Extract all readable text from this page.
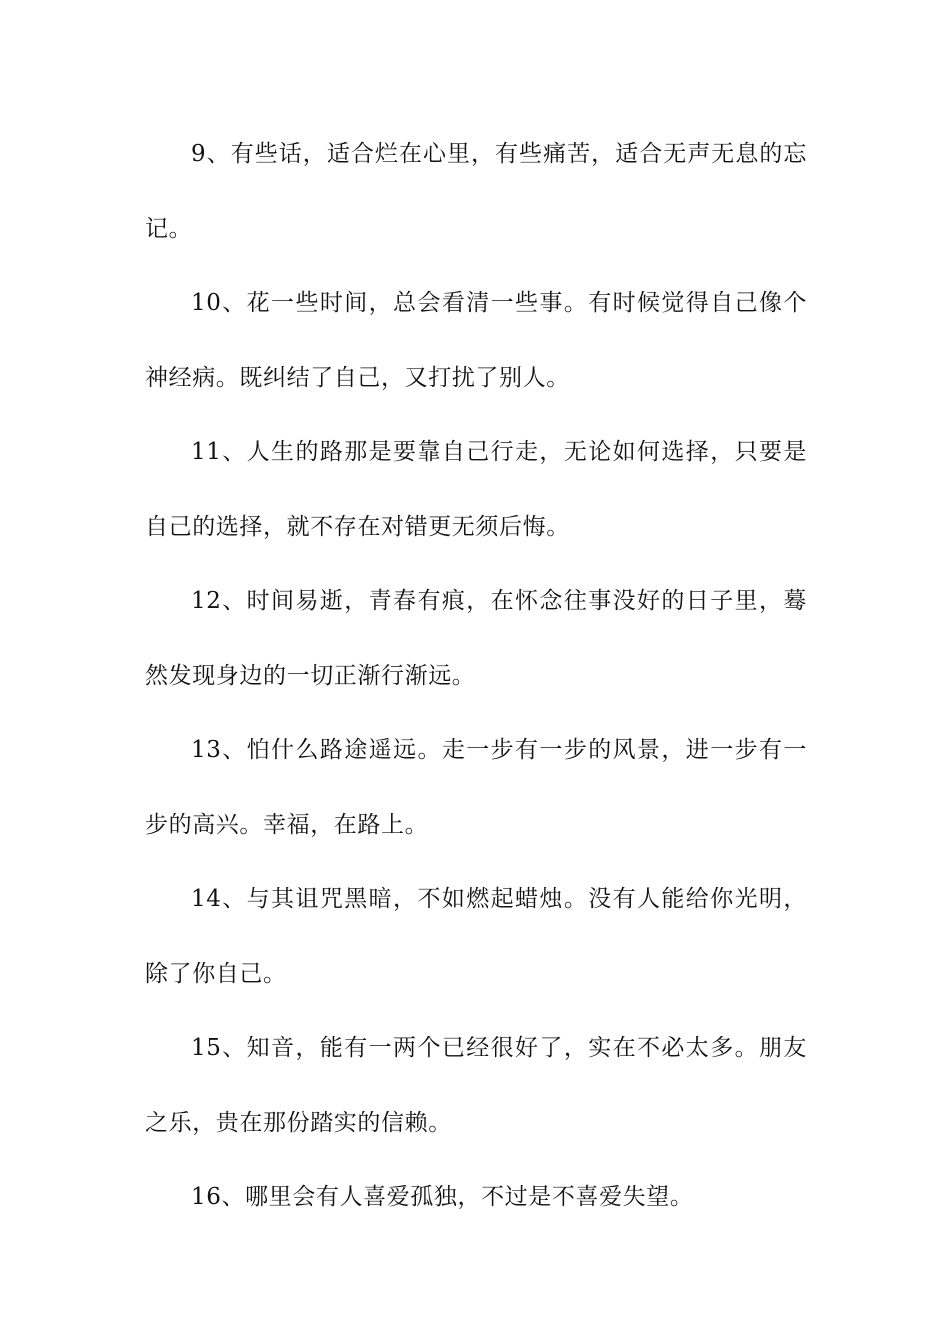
9、有些话，适合烂在心里，有些痛苦，适合无声无息的忘记。

10、花一些时间，总会看清一些事。有时候觉得自己像个神经病。既纠结了自己，又打扰了别人。

11、人生的路那是要靠自己行走，无论如何选择，只要是自己的选择，就不存在对错更无须后悔。

12、时间易逝，青春有痕，在怀念往事没好的日子里，蓦然发现身边的一切正渐行渐远。

13、怕什么路途遥远。走一步有一步的风景，进一步有一步的高兴。幸福，在路上。

14、与其诅咒黑暗，不如燃起蜡烛。没有人能给你光明，除了你自己。

15、知音，能有一两个已经很好了，实在不必太多。朋友之乐，贵在那份踏实的信赖。

16、哪里会有人喜爱孤独，不过是不喜爱失望。
